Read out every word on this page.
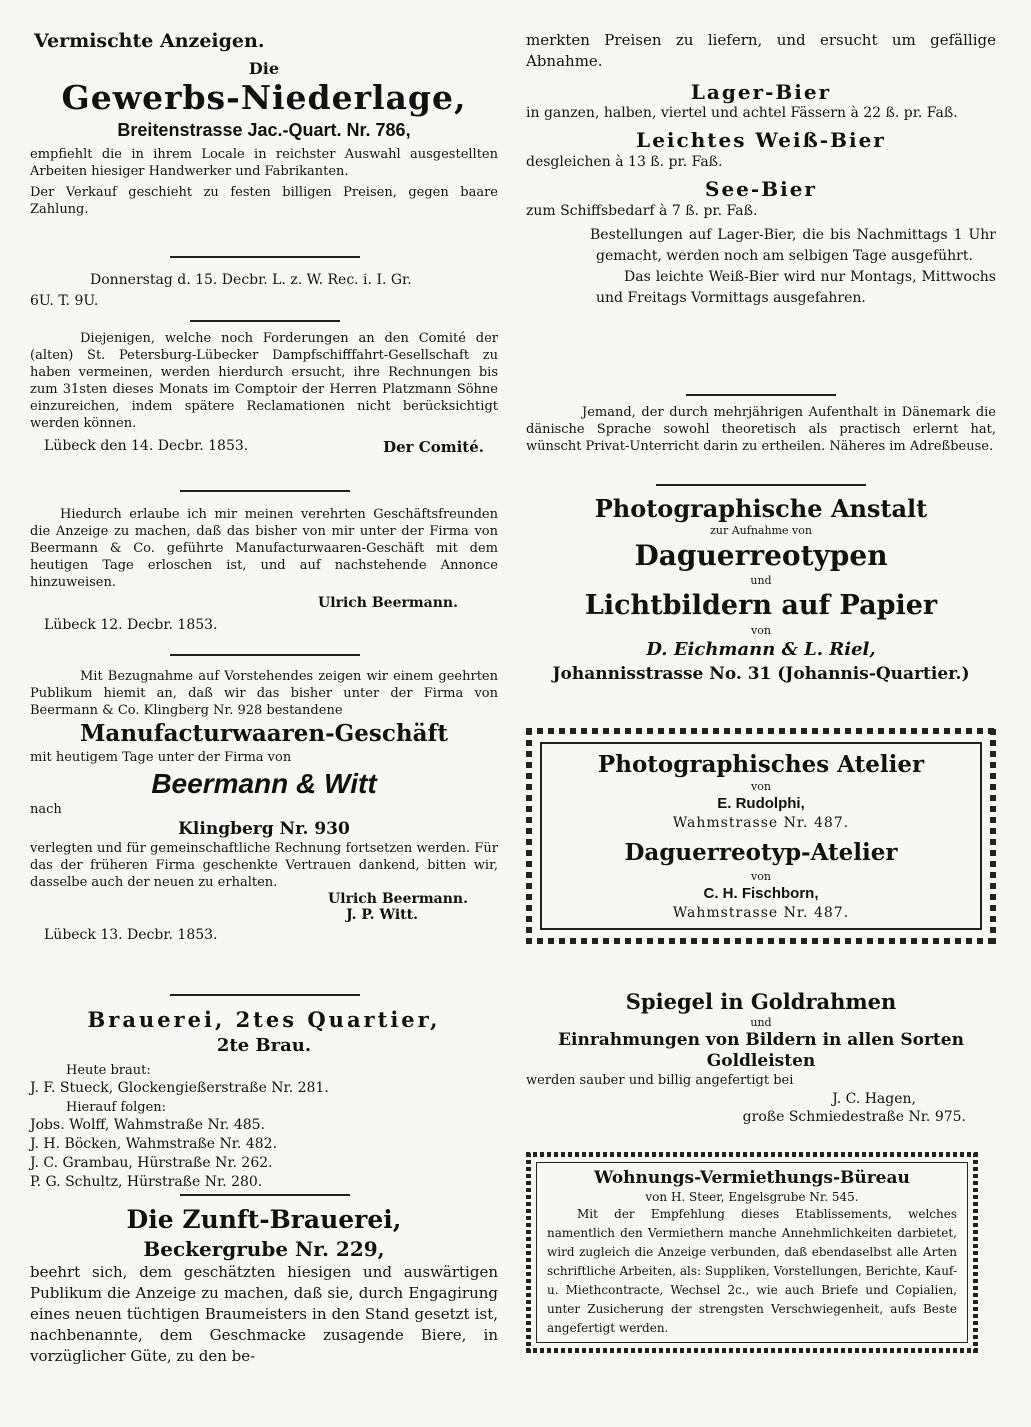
Vermischte Anzeigen.

Die

Gewerbs-Niederlage,

Breitenstrasse Jac.-Quart. Nr. 786,

empfiehlt die in ihrem Locale in reichster Auswahl ausgestellten Arbeiten hiesiger Handwerker und Fabrikanten.

Der Verkauf geschieht zu festen billigen Preisen, gegen baare Zahlung.

Donnerstag d. 15. Decbr. L. z. W. Rec. i. I. Gr.

6U. T. 9U.

Diejenigen, welche noch Forderungen an den Comité der (alten) St. Petersburg-Lübecker Dampfschifffahrt-Gesellschaft zu haben vermeinen, werden hierdurch ersucht, ihre Rechnungen bis zum 31sten dieses Monats im Comptoir der Herren Platzmann Söhne einzureichen, indem spätere Reclamationen nicht berücksichtigt werden können.

Lübeck den 14. Decbr. 1853.	Der Comité.

Hiedurch erlaube ich mir meinen verehrten Geschäftsfreunden die Anzeige zu machen, daß das bisher von mir unter der Firma von Beermann & Co. geführte Manufacturwaaren-Geschäft mit dem heutigen Tage erloschen ist, und auf nachstehende Annonce hinzuweisen.

Ulrich Beermann.

Lübeck 12. Decbr. 1853.

Mit Bezugnahme auf Vorstehendes zeigen wir einem geehrten Publikum hiemit an, daß wir das bisher unter der Firma von Beermann & Co. Klingberg Nr. 928 bestandene

Manufacturwaaren-Geschäft

mit heutigem Tage unter der Firma von

Beermann & Witt

nach

Klingberg Nr. 930

verlegten und für gemeinschaftliche Rechnung fortsetzen werden. Für das der früheren Firma geschenkte Vertrauen dankend, bitten wir, dasselbe auch der neuen zu erhalten.

Ulrich Beermann.

J. P. Witt.

Lübeck 13. Decbr. 1853.

Brauerei, 2tes Quartier,

2te Brau.

Heute braut:

J. F. Stueck, Glockengießerstraße Nr. 281.

Hierauf folgen:

Jobs. Wolff, Wahmstraße Nr. 485.

J. H. Böcken, Wahmstraße Nr. 482.

J. C. Grambau, Hürstraße Nr. 262.

P. G. Schultz, Hürstraße Nr. 280.

Die Zunft-Brauerei,

Beckergrube Nr. 229,

beehrt sich, dem geschätzten hiesigen und auswärtigen Publikum die Anzeige zu machen, daß sie, durch Engagirung eines neuen tüchtigen Braumeisters in den Stand gesetzt ist, nachbenannte, dem Geschmacke zusagende Biere, in vorzüglicher Güte, zu den be-

merkten Preisen zu liefern, und ersucht um gefällige Abnahme.

Lager-Bier

in ganzen, halben, viertel und achtel Fässern à 22 ß. pr. Faß.

Leichtes Weiß-Bier

desgleichen à 13 ß. pr. Faß.

See-Bier

zum Schiffsbedarf à 7 ß. pr. Faß.

Bestellungen auf Lager-Bier, die bis Nachmittags 1 Uhr gemacht, werden noch am selbigen Tage ausgeführt.

Das leichte Weiß-Bier wird nur Montags, Mittwochs und Freitags Vormittags ausgefahren.

Jemand, der durch mehrjährigen Aufenthalt in Dänemark die dänische Sprache sowohl theoretisch als practisch erlernt hat, wünscht Privat-Unterricht darin zu ertheilen. Näheres im Adreßbeuse.

Photographische Anstalt

zur Aufnahme von

Daguerreotypen

und

Lichtbildern auf Papier

von

D. Eichmann & L. Riel,

Johannisstrasse No. 31 (Johannis-Quartier.)

Photographisches Atelier

von

E. Rudolphi,

Wahmstrasse Nr. 487.

Daguerreotyp-Atelier

von

C. H. Fischborn,

Wahmstrasse Nr. 487.

Spiegel in Goldrahmen

und

Einrahmungen von Bildern in allen Sorten Goldleisten

werden sauber und billig angefertigt bei

J. C. Hagen,

große Schmiedestraße Nr. 975.

Wohnungs-Vermiethungs-Büreau

von H. Steer, Engelsgrube Nr. 545.

Mit der Empfehlung dieses Etablissements, welches namentlich den Vermiethern manche Annehmlichkeiten darbietet, wird zugleich die Anzeige verbunden, daß ebendaselbst alle Arten schriftliche Arbeiten, als: Suppliken, Vorstellungen, Berichte, Kauf- u. Miethcontracte, Wechsel 2c., wie auch Briefe und Copialien, unter Zusicherung der strengsten Verschwiegenheit, aufs Beste angefertigt werden.
